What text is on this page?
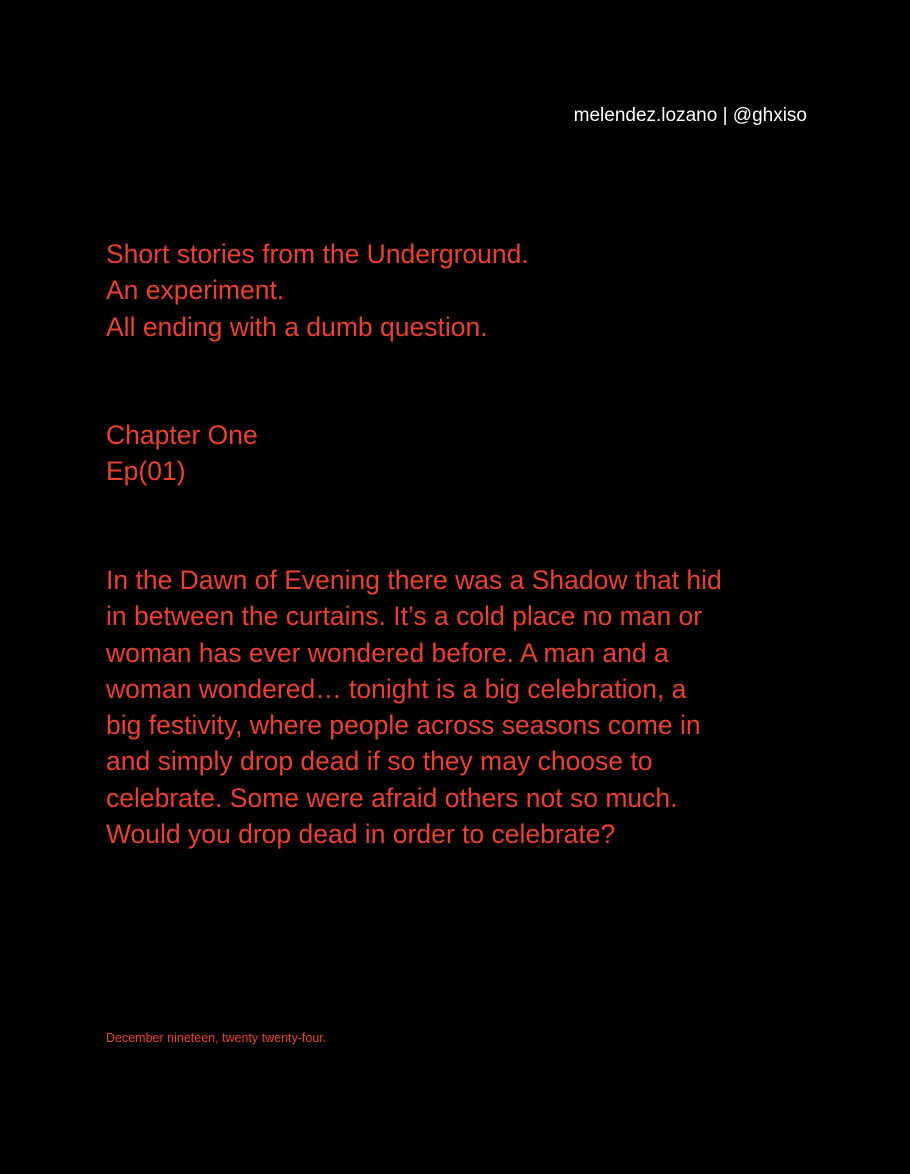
melendez.lozano | @ghxiso
Short stories from the Underground.
An experiment.
All ending with a dumb question.
Chapter One
Ep(01)
In the Dawn of Evening there was a Shadow that hid
in between the curtains. It’s a cold place no man or
woman has ever wondered before. A man and a
woman wondered… tonight is a big celebration, a
big festivity, where people across seasons come in
and simply drop dead if so they may choose to
celebrate. Some were afraid others not so much.
Would you drop dead in order to celebrate?
December nineteen, twenty twenty-four.
